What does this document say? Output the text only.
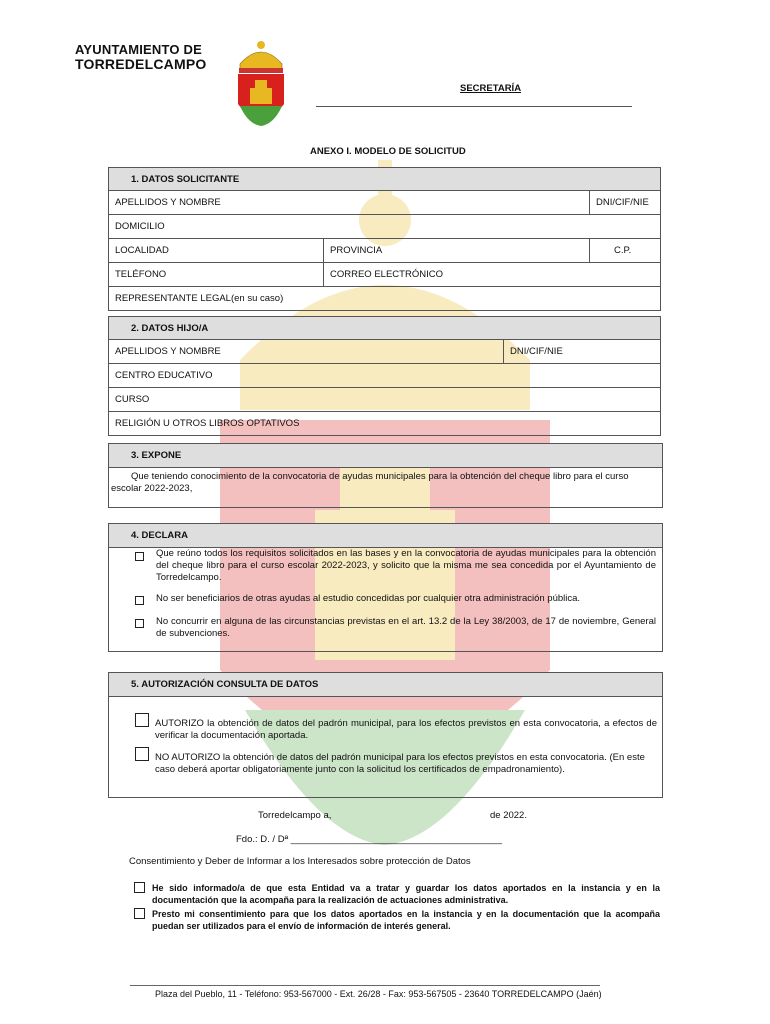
AYUNTAMIENTO DE
TORREDELCAMPO
SECRETARÍA
ANEXO I. MODELO DE SOLICITUD
1. DATOS SOLICITANTE		
APELLIDOS Y NOMBRE		DNI/CIF/NIE
DOMICILIO		
LOCALIDAD	PROVINCIA	C.P.
TELÉFONO	CORREO ELECTRÓNICO	
REPRESENTANTE LEGAL(en su caso)		
2. DATOS HIJO/A
APELLIDOS Y NOMBRE	DNI/CIF/NIE
CENTRO EDUCATIVO
CURSO
RELIGIÓN U OTROS LIBROS OPTATIVOS
3. EXPONE
Que teniendo conocimiento de la convocatoria de ayudas municipales para la obtención del cheque libro para el curso escolar 2022-2023,
4. DECLARA
Que reúno todos los requisitos solicitados en las bases y en la convocatoria de ayudas municipales para la obtención del cheque libro para el curso escolar 2022-2023, y solicito que la misma me sea concedida por el Ayuntamiento de Torredelcampo.
No ser beneficiarios de otras ayudas al estudio concedidas por cualquier otra administración pública.
No concurrir en alguna de las circunstancias previstas en el art. 13.2 de la Ley 38/2003, de 17 de noviembre, General de subvenciones.
5. AUTORIZACIÓN CONSULTA DE DATOS
AUTORIZO la obtención de datos del padrón municipal, para los efectos previstos en esta convocatoria, a efectos de verificar la documentación aportada.
NO AUTORIZO la obtención de datos del padrón municipal para los efectos previstos en esta convocatoria. (En este caso deberá aportar obligatoriamente junto con la solicitud los certificados de empadronamiento).
Torredelcampo a,	de 2022.
Fdo.: D. / Dª ________________________________________
Consentimiento y Deber de Informar a los Interesados sobre protección de Datos
He sido informado/a de que esta Entidad va a tratar y guardar los datos aportados en la instancia y en la documentación que la acompaña para la realización de actuaciones administrativa.
Presto mi consentimiento para que los datos aportados en la instancia y en la documentación que la acompaña puedan ser utilizados para el envío de información de interés general.
Plaza del Pueblo, 11 - Teléfono: 953-567000 - Ext. 26/28 - Fax: 953-567505 - 23640 TORREDELCAMPO (Jaén)
